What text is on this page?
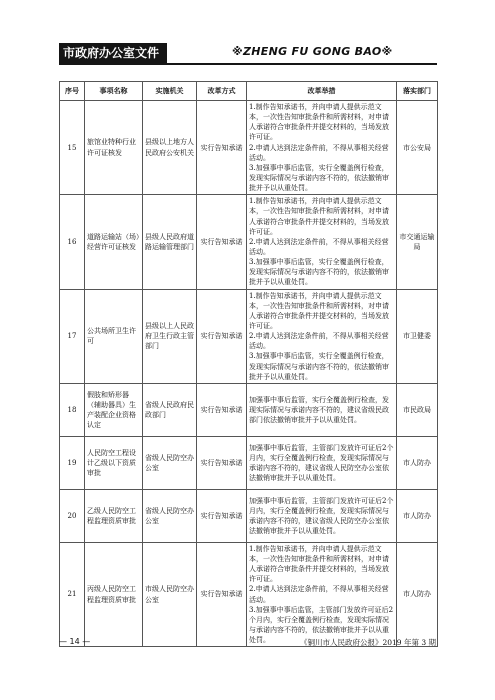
市政府办公室文件	※ZHENG FU GONG BAO※
序号	事项名称	实施机关	改革方式	改革举措	落实部门
15	旅馆业特种行业许可证核发	县级以上地方人民政府公安机关	实行告知承诺	1.制作告知承诺书，并向申请人提供示范文本，一次性告知审批条件和所需材料，对申请人承诺符合审批条件并提交材料的，当场发放许可证。

2.申请人达到法定条件前，不得从事相关经营活动。

3.加强事中事后监管，实行全覆盖例行检查，发现实际情况与承诺内容不符的，依法撤销审批并予以从重处罚。	市公安局
16	道路运输站（场）经营许可证核发	县级人民政府道路运输管理部门	实行告知承诺	1.制作告知承诺书，并向申请人提供示范文本，一次性告知审批条件和所需材料，对申请人承诺符合审批条件并提交材料的，当场发放许可证。

2.申请人达到法定条件前，不得从事相关经营活动。

3.加强事中事后监管，实行全覆盖例行检查，发现实际情况与承诺内容不符的，依法撤销审批并予以从重处罚。	市交通运输局
17	公共场所卫生许可	县级以上人民政府卫生行政主管部门	实行告知承诺	1.制作告知承诺书，并向申请人提供示范文本，一次性告知审批条件和所需材料，对申请人承诺符合审批条件并提交材料的，当场发放许可证。

2.申请人达到法定条件前，不得从事相关经营活动。

3.加强事中事后监管，实行全覆盖例行检查，发现实际情况与承诺内容不符的，依法撤销审批并予以从重处罚。	市卫健委
18	假肢和矫形器（辅助器具）生产装配企业资格认定	省级人民政府民政部门	实行告知承诺	加强事中事后监管，实行全覆盖例行检查，发现实际情况与承诺内容不符的，建议省级民政部门依法撤销审批并予以从重处罚。	市民政局
19	人民防空工程设计乙级以下资质审批	省级人民防空办公室	实行告知承诺	加强事中事后监管，主管部门发放许可证后2个月内，实行全覆盖例行检查，发现实际情况与承诺内容不符的，建议省级人民防空办公室依法撤销审批并予以从重处罚。	市人防办
20	乙级人民防空工程监理资质审批	省级人民防空办公室	实行告知承诺	加强事中事后监管，主管部门发放许可证后2个月内，实行全覆盖例行检查，发现实际情况与承诺内容不符的，建议省级人民防空办公室依法撤销审批并予以从重处罚。	市人防办
21	丙级人民防空工程监理资质审批	市级人民防空办公室	实行告知承诺	1.制作告知承诺书，并向申请人提供示范文本，一次性告知审批条件和所需材料，对申请人承诺符合审批条件并提交材料的，当场发放许可证。

2.申请人达到法定条件前，不得从事相关经营活动。

3.加强事中事后监管，主管部门发放许可证后2个月内，实行全覆盖例行检查，发现实际情况与承诺内容不符的，依法撤销审批并予以从重处罚。	市人防办
— 14 —	《铜川市人民政府公报》2019 年第 3 期
